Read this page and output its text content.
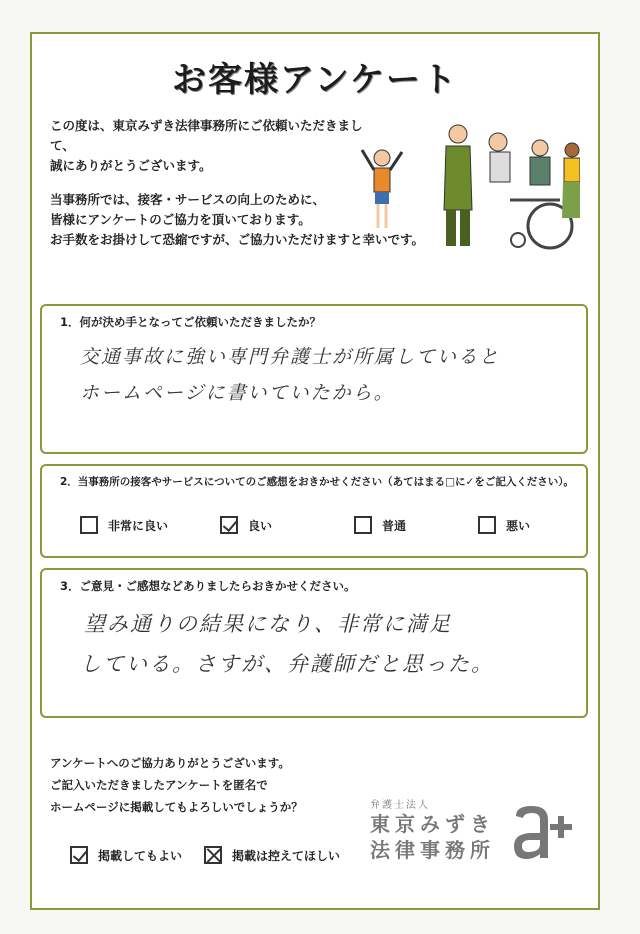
お客様アンケート

この度は、東京みずき法律事務所にご依頼いただきまして、

誠にありがとうございます。

当事務所では、接客・サービスの向上のために、

皆様にアンケートのご協力を頂いております。

お手数をお掛けして恐縮ですが、ご協力いただけますと幸いです。

1．何が決め手となってご依頼いただきましたか？
交通事故に強い専門弁護士が所属していると
ホームページに書いていたから。
2．当事務所の接客やサービスについてのご感想をおきかせください（あてはまる□に✓をご記入ください）。
非常に良い	良い	普通	悪い
3．ご意見・ご感想などありましたらおきかせください。
望み通りの結果になり、非常に満足
している。さすが、弁護師だと思った。

アンケートへのご協力ありがとうございます。

ご記入いただきましたアンケートを匿名で

ホームページに掲載してもよろしいでしょうか？

掲載してもよい	掲載は控えてほしい
弁護士法人
東京みずき
法律事務所
